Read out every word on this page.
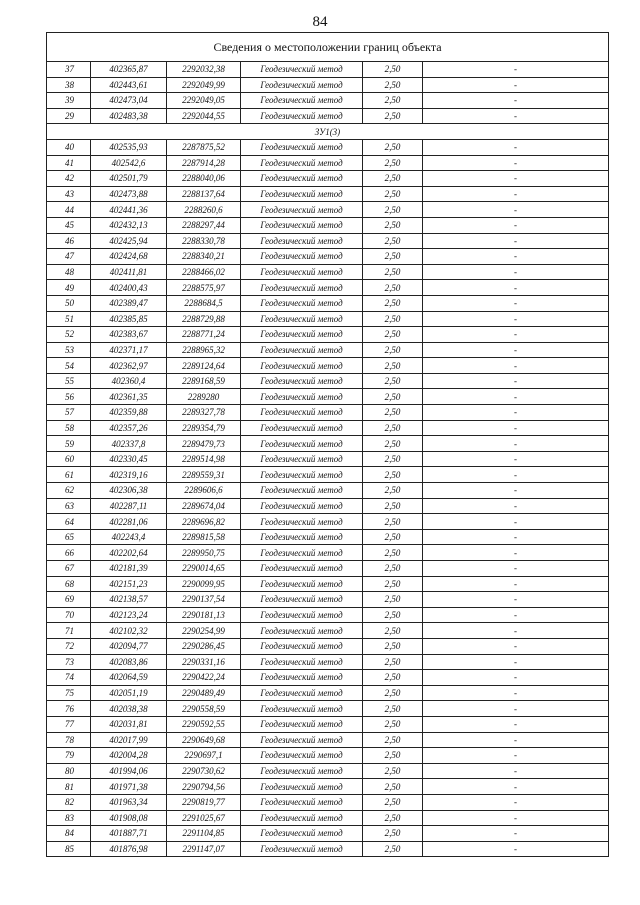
84
Сведения о местоположении границ объекта					
37	402365,87	2292032,38	Геодезический метод	2,50	-
38	402443,61	2292049,99	Геодезический метод	2,50	-
39	402473,04	2292049,05	Геодезический метод	2,50	-
29	402483,38	2292044,55	Геодезический метод	2,50	-
ЗУ1(3)					
40	402535,93	2287875,52	Геодезический метод	2,50	-
41	402542,6	2287914,28	Геодезический метод	2,50	-
42	402501,79	2288040,06	Геодезический метод	2,50	-
43	402473,88	2288137,64	Геодезический метод	2,50	-
44	402441,36	2288260,6	Геодезический метод	2,50	-
45	402432,13	2288297,44	Геодезический метод	2,50	-
46	402425,94	2288330,78	Геодезический метод	2,50	-
47	402424,68	2288340,21	Геодезический метод	2,50	-
48	402411,81	2288466,02	Геодезический метод	2,50	-
49	402400,43	2288575,97	Геодезический метод	2,50	-
50	402389,47	2288684,5	Геодезический метод	2,50	-
51	402385,85	2288729,88	Геодезический метод	2,50	-
52	402383,67	2288771,24	Геодезический метод	2,50	-
53	402371,17	2288965,32	Геодезический метод	2,50	-
54	402362,97	2289124,64	Геодезический метод	2,50	-
55	402360,4	2289168,59	Геодезический метод	2,50	-
56	402361,35	2289280	Геодезический метод	2,50	-
57	402359,88	2289327,78	Геодезический метод	2,50	-
58	402357,26	2289354,79	Геодезический метод	2,50	-
59	402337,8	2289479,73	Геодезический метод	2,50	-
60	402330,45	2289514,98	Геодезический метод	2,50	-
61	402319,16	2289559,31	Геодезический метод	2,50	-
62	402306,38	2289606,6	Геодезический метод	2,50	-
63	402287,11	2289674,04	Геодезический метод	2,50	-
64	402281,06	2289696,82	Геодезический метод	2,50	-
65	402243,4	2289815,58	Геодезический метод	2,50	-
66	402202,64	2289950,75	Геодезический метод	2,50	-
67	402181,39	2290014,65	Геодезический метод	2,50	-
68	402151,23	2290099,95	Геодезический метод	2,50	-
69	402138,57	2290137,54	Геодезический метод	2,50	-
70	402123,24	2290181,13	Геодезический метод	2,50	-
71	402102,32	2290254,99	Геодезический метод	2,50	-
72	402094,77	2290286,45	Геодезический метод	2,50	-
73	402083,86	2290331,16	Геодезический метод	2,50	-
74	402064,59	2290422,24	Геодезический метод	2,50	-
75	402051,19	2290489,49	Геодезический метод	2,50	-
76	402038,38	2290558,59	Геодезический метод	2,50	-
77	402031,81	2290592,55	Геодезический метод	2,50	-
78	402017,99	2290649,68	Геодезический метод	2,50	-
79	402004,28	2290697,1	Геодезический метод	2,50	-
80	401994,06	2290730,62	Геодезический метод	2,50	-
81	401971,38	2290794,56	Геодезический метод	2,50	-
82	401963,34	2290819,77	Геодезический метод	2,50	-
83	401908,08	2291025,67	Геодезический метод	2,50	-
84	401887,71	2291104,85	Геодезический метод	2,50	-
85	401876,98	2291147,07	Геодезический метод	2,50	-
